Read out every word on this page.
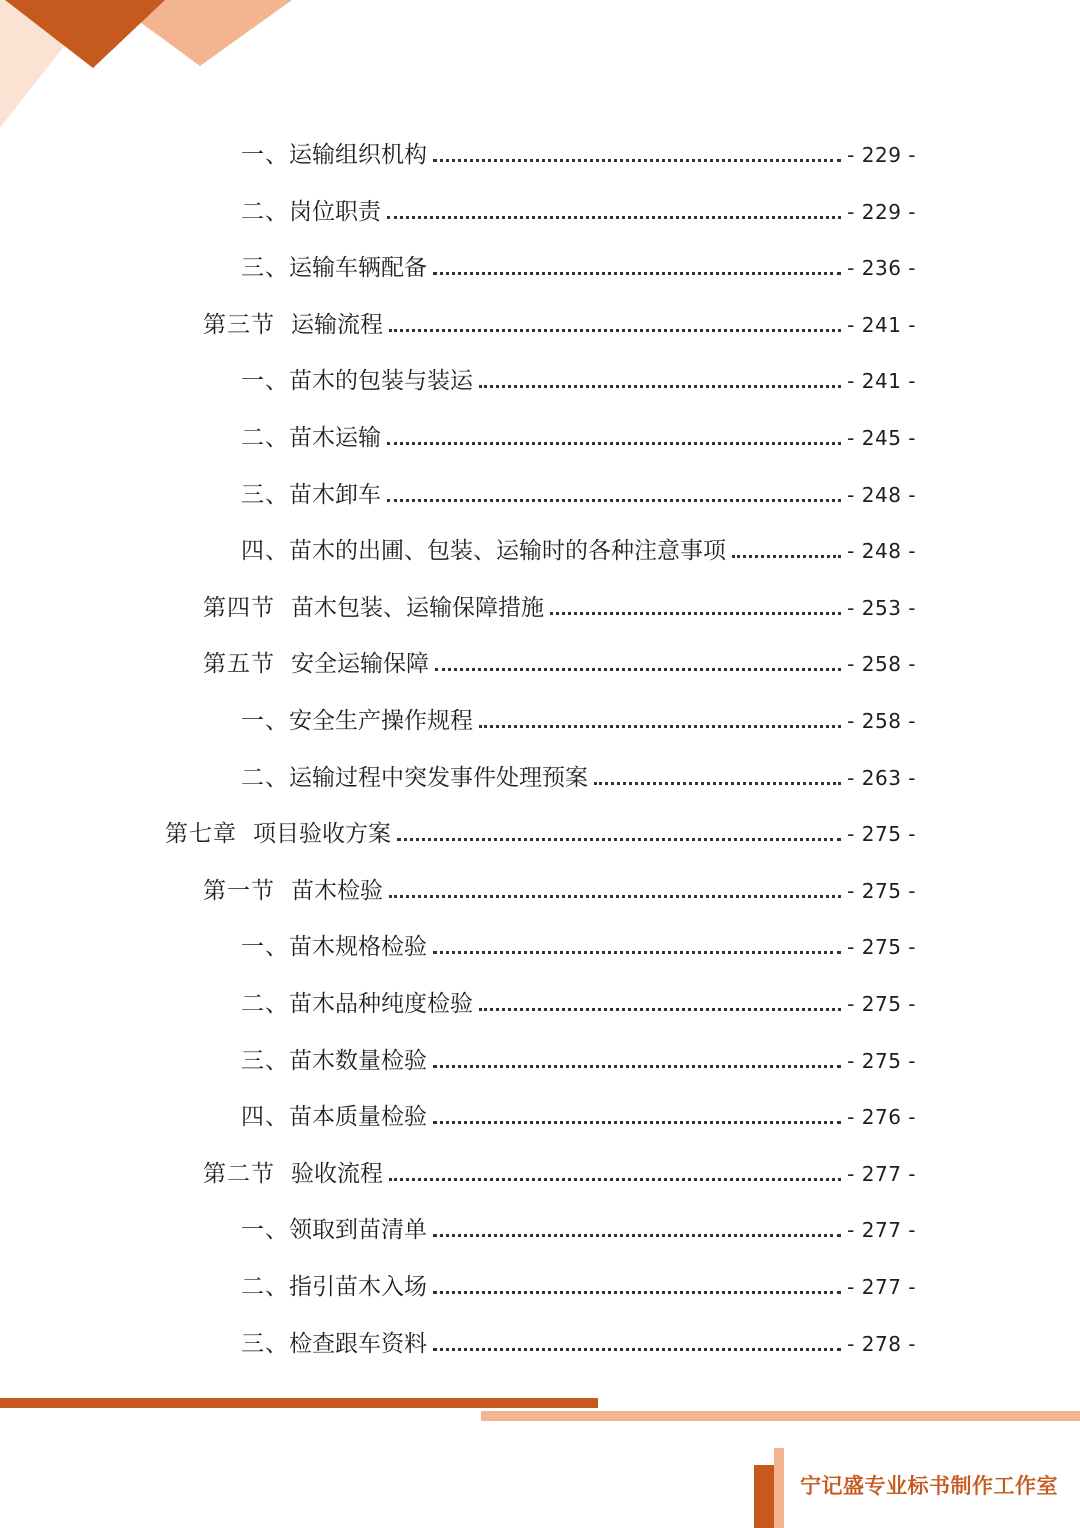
一、 运输组织机构	- 229 -
二、 岗位职责	- 229 -
三、 运输车辆配备	- 236 -
第三节 运输流程	- 241 -
一、 苗木的包装与装运	- 241 -
二、 苗木运输	- 245 -
三、 苗木卸车	- 248 -
四、 苗木的出圃、包装、运输时的各种注意事项	- 248 -
第四节 苗木包装、运输保障措施	- 253 -
第五节 安全运输保障	- 258 -
一、 安全生产操作规程	- 258 -
二、 运输过程中突发事件处理预案	- 263 -
第七章 项目验收方案	- 275 -
第一节 苗木检验	- 275 -
一、 苗木规格检验	- 275 -
二、 苗木品种纯度检验	- 275 -
三、 苗木数量检验	- 275 -
四、 苗本质量检验	- 276 -
第二节 验收流程	- 277 -
一、 领取到苗清单	- 277 -
二、 指引苗木入场	- 277 -
三、 检查跟车资料	- 278 -
宁记盛专业标书制作工作室
